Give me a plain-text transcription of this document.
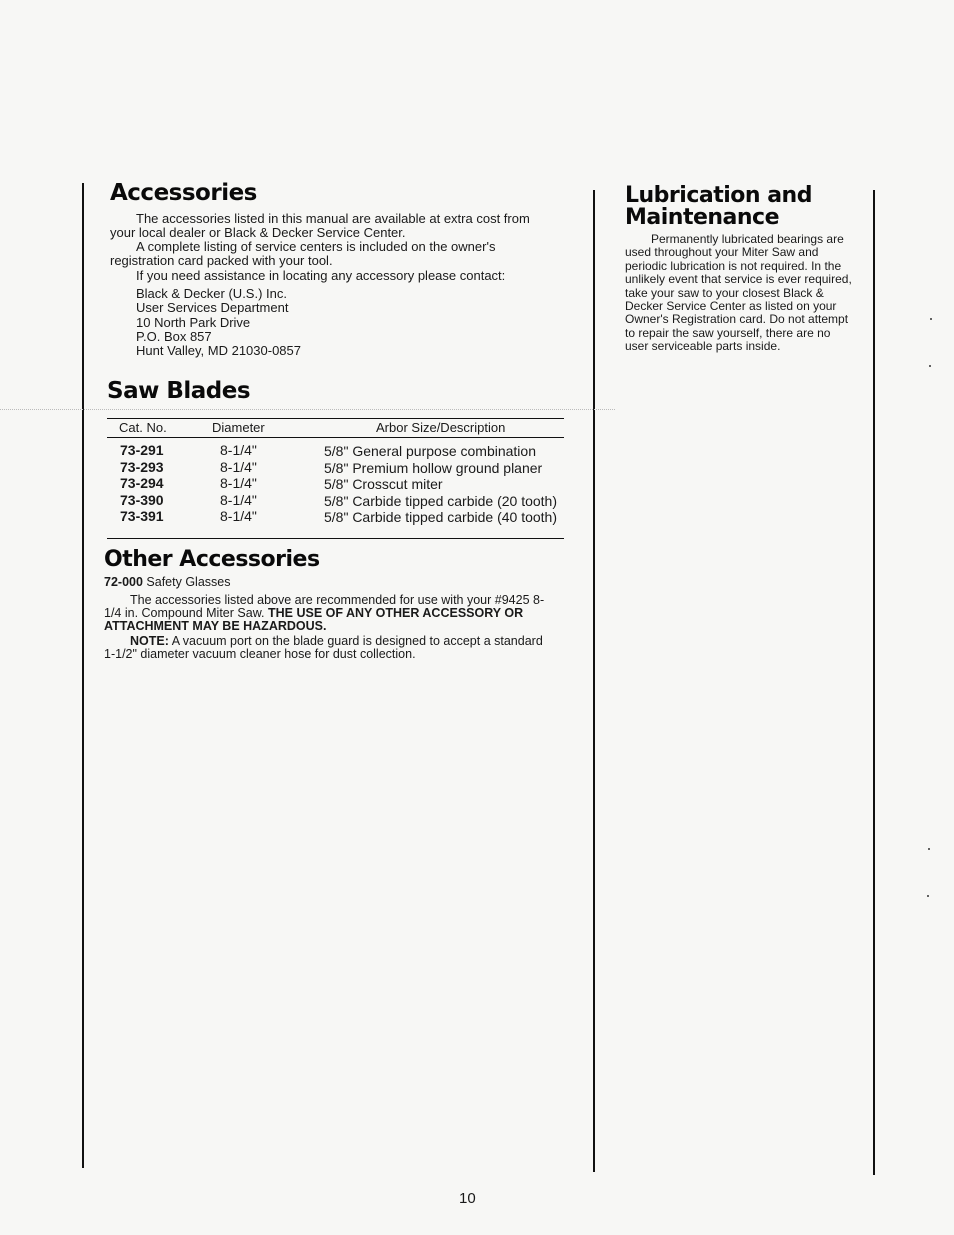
Accessories

The accessories listed in this manual are available at extra cost from your local dealer or Black & Decker Service Center.

A complete listing of service centers is included on the owner's registration card packed with your tool.

If you need assistance in locating any accessory please contact:

Black & Decker (U.S.) Inc.
User Services Department
10 North Park Drive
P.O. Box 857
Hunt Valley, MD 21030-0857
Saw Blades
Cat. No.	Diameter	Arbor Size/Description
73-291
73-293
73-294
73-390
73-391
8-1/4"
8-1/4"
8-1/4"
8-1/4"
8-1/4"
5/8" General purpose combination
5/8" Premium hollow ground planer
5/8" Crosscut miter
5/8" Carbide tipped carbide (20 tooth)
5/8" Carbide tipped carbide (40 tooth)
Other Accessories

72-000 Safety Glasses

The accessories listed above are recommended for use with your #9425 8-1/4 in. Compound Miter Saw. THE USE OF ANY OTHER ACCESSORY OR ATTACHMENT MAY BE HAZARDOUS.

NOTE: A vacuum port on the blade guard is designed to accept a standard 1-1/2" diameter vacuum cleaner hose for dust collection.

Lubrication and
Maintenance

Permanently lubricated bearings are used throughout your Miter Saw and periodic lubrication is not required. In the unlikely event that service is ever required, take your saw to your closest Black & Decker Service Center as listed on your Owner's Registration card. Do not attempt to repair the saw yourself, there are no user serviceable parts inside.

10
